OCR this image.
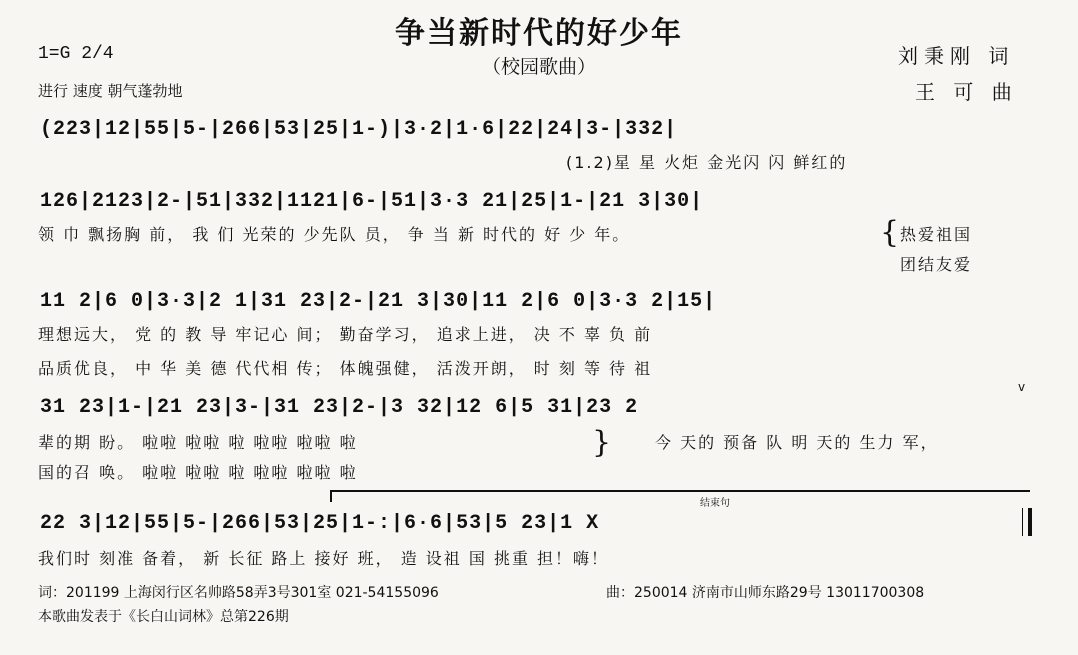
争当新时代的好少年
（校园歌曲）
1=G 2/4
进行 速度 朝气蓬勃地
刘秉刚 词
王 可 曲
(223|12|55|5-|266|53|25|1-)|3·2|1·6|22|24|3-|332|
(1.2)星 星 火炬 金光闪 闪 鲜红的
126|2123|2-|51|332|1121|6-|51|3·3 21|25|1-|21 3|30|
领 巾 飘扬胸 前， 我 们 光荣的 少先队 员， 争 当 新 时代的 好 少 年。	{ 热爱祖国
团结友爱
11 2|6 0|3·3|2 1|31 23|2-|21 3|30|11 2|6 0|3·3 2|15|
理想远大， 党 的 教 导 牢记心 间； 勤奋学习， 追求上进， 决 不 辜 负 前
品质优良， 中 华 美 德 代代相 传； 体魄强健， 活泼开朗， 时 刻 等 待 祖
31 23|1-|21 23|3-|31 23|2-|3 32|12 6|5 31|23 2
v
辈的期 盼。 啦啦 啦啦 啦 啦啦 啦啦 啦
国的召 唤。 啦啦 啦啦 啦 啦啦 啦啦 啦
}	今 天的 预备 队 明 天的 生力 军，
结束句
22 3|12|55|5-|266|53|25|1-:|6·6|53|5 23|1 X
我们时 刻准 备着， 新 长征 路上 接好 班， 造 设祖 国 挑重 担！嗨！
词：201199 上海闵行区名帅路58弄3号301室 021-54155096	曲：250014 济南市山师东路29号 13011700308
本歌曲发表于《长白山词林》总第226期
